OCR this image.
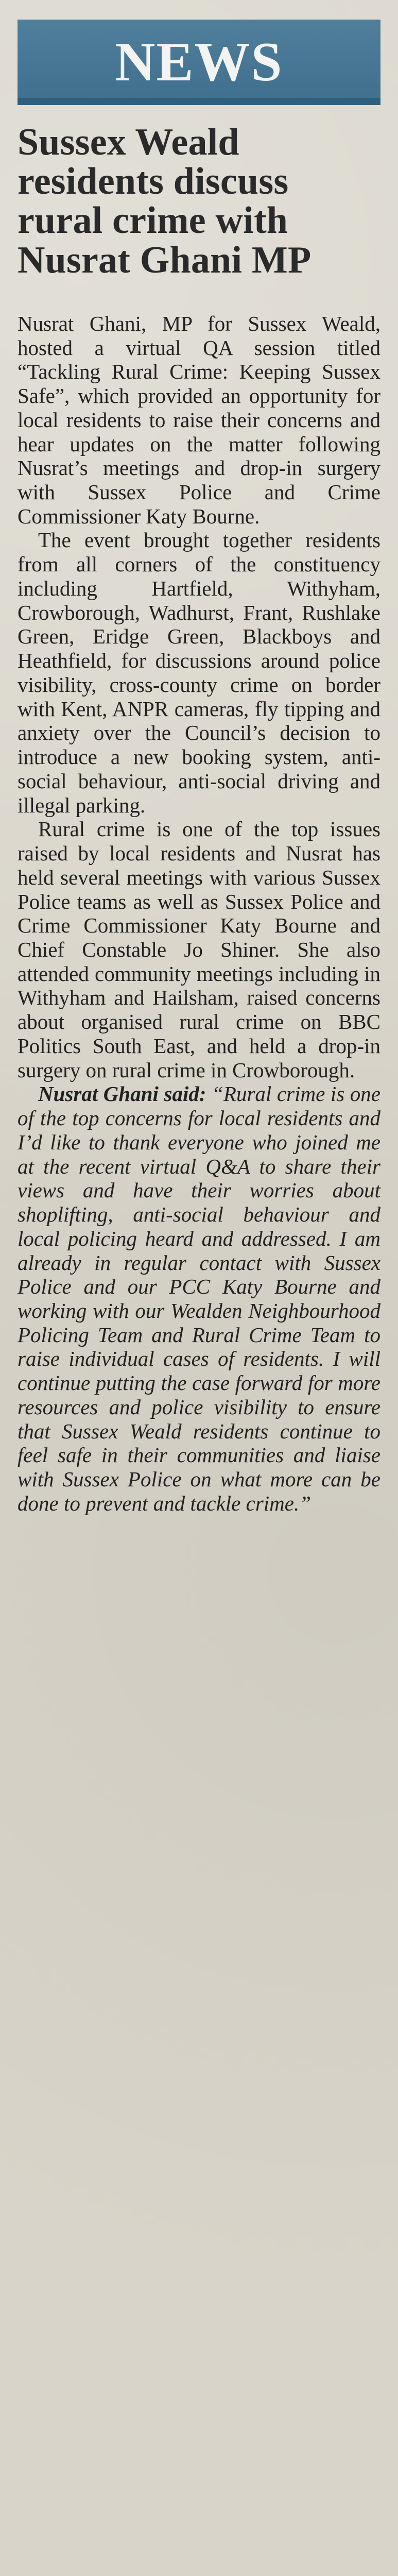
NEWS
Sussex Weald residents discuss rural crime with Nusrat Ghani MP

Nusrat Ghani, MP for Sussex Weald, hosted a virtual QA session titled “Tackling Rural Crime: Keeping Sussex Safe”, which provided an opportunity for local residents to raise their concerns and hear updates on the matter following Nusrat’s meetings and drop-in surgery with Sussex Police and Crime Commissioner Katy Bourne.

The event brought together residents from all corners of the constituency including Hartfield, Withyham, Crowborough, Wadhurst, Frant, Rushlake Green, Eridge Green, Blackboys and Heathfield, for discussions around police visibility, cross-county crime on border with Kent, ANPR cameras, fly tipping and anxiety over the Council’s decision to introduce a new booking system, anti-social behaviour, anti-social driving and illegal parking.

Rural crime is one of the top issues raised by local residents and Nusrat has held several meetings with various Sussex Police teams as well as Sussex Police and Crime Commissioner Katy Bourne and Chief Constable Jo Shiner. She also attended community meetings including in Withyham and Hailsham, raised concerns about organised rural crime on BBC Politics South East, and held a drop-in surgery on rural crime in Crowborough.

Nusrat Ghani said: “Rural crime is one of the top concerns for local residents and I’d like to thank everyone who joined me at the recent virtual Q&A to share their views and have their worries about shoplifting, anti-social behaviour and local policing heard and addressed. I am already in regular contact with Sussex Police and our PCC Katy Bourne and working with our Wealden Neighbourhood Policing Team and Rural Crime Team to raise individual cases of residents. I will continue putting the case forward for more resources and police visibility to ensure that Sussex Weald residents continue to feel safe in their communities and liaise with Sussex Police on what more can be done to prevent and tackle crime.”
